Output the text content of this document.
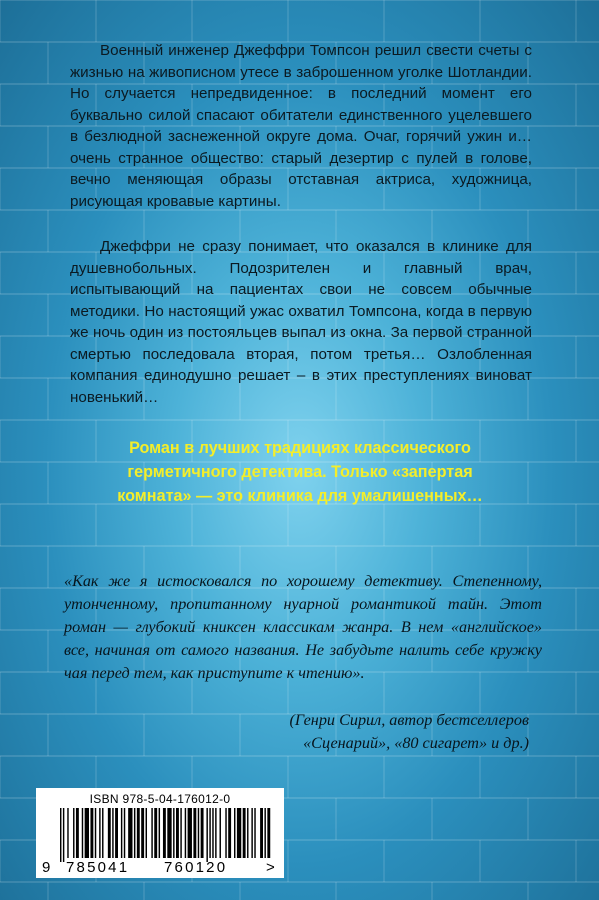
Военный инженер Джеффри Томпсон решил свести счеты с жизнью на живописном утесе в заброшенном уголке Шотландии. Но случается непредвиденное: в последний момент его буквально силой спасают обитатели единственного уцелевшего в безлюдной заснеженной округе дома. Очаг, горячий ужин и… очень странное общество: старый дезертир с пулей в голове, вечно меняющая образы отставная актриса, художница, рисующая кровавые картины.

Джеффри не сразу понимает, что оказался в клинике для душевнобольных. Подозрителен и главный врач, испытывающий на пациентах свои не совсем обычные методики. Но настоящий ужас охватил Томпсона, когда в первую же ночь один из постояльцев выпал из окна. За первой странной смертью последовала вторая, потом третья… Озлобленная компания единодушно решает – в этих преступлениях виноват новенький…

Роман в лучших традициях классического
герметичного детектива. Только «запертая
комната» — это клиника для умалишенных…

«Как же я истосковался по хорошему детективу. Степенному, утонченному, пропитанному нуарной романтикой тайн. Этот роман — глубокий книксен классикам жанра. В нем «английское» все, начиная от самого названия. Не забудьте налить себе кружку чая перед тем, как приступите к чтению».

(Генри Сирил, автор бестселлеров
«Сценарий», «80 сигарет» и др.)

ISBN 978-5-04-176012-0
9 785041 760120	>
